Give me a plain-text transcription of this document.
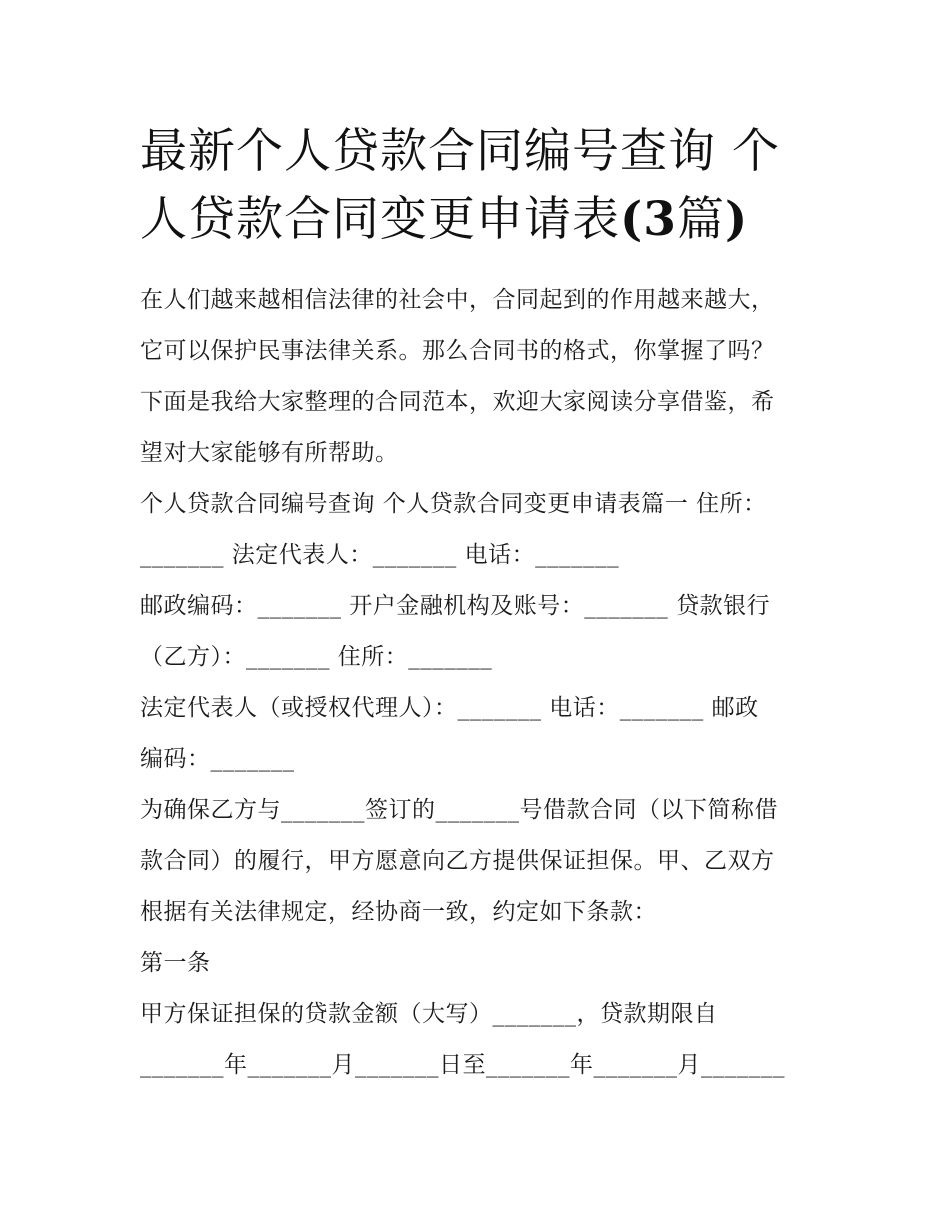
最新个人贷款合同编号查询 个
人贷款合同变更申请表(3篇)
在人们越来越相信法律的社会中，合同起到的作用越来越大，
它可以保护民事法律关系。那么合同书的格式，你掌握了吗？
下面是我给大家整理的合同范本，欢迎大家阅读分享借鉴，希
望对大家能够有所帮助。
个人贷款合同编号查询 个人贷款合同变更申请表篇一 住所：
_______ 法定代表人：_______ 电话：_______
邮政编码：_______ 开户金融机构及账号：_______ 贷款银行
（乙方）：_______ 住所：_______
法定代表人（或授权代理人）：_______ 电话：_______ 邮政
编码：_______
为确保乙方与_______签订的_______号借款合同（以下简称借
款合同）的履行，甲方愿意向乙方提供保证担保。甲、乙双方
根据有关法律规定，经协商一致，约定如下条款：
第一条
甲方保证担保的贷款金额（大写）_______，贷款期限自
_______年_______月_______日至_______年_______月_______
